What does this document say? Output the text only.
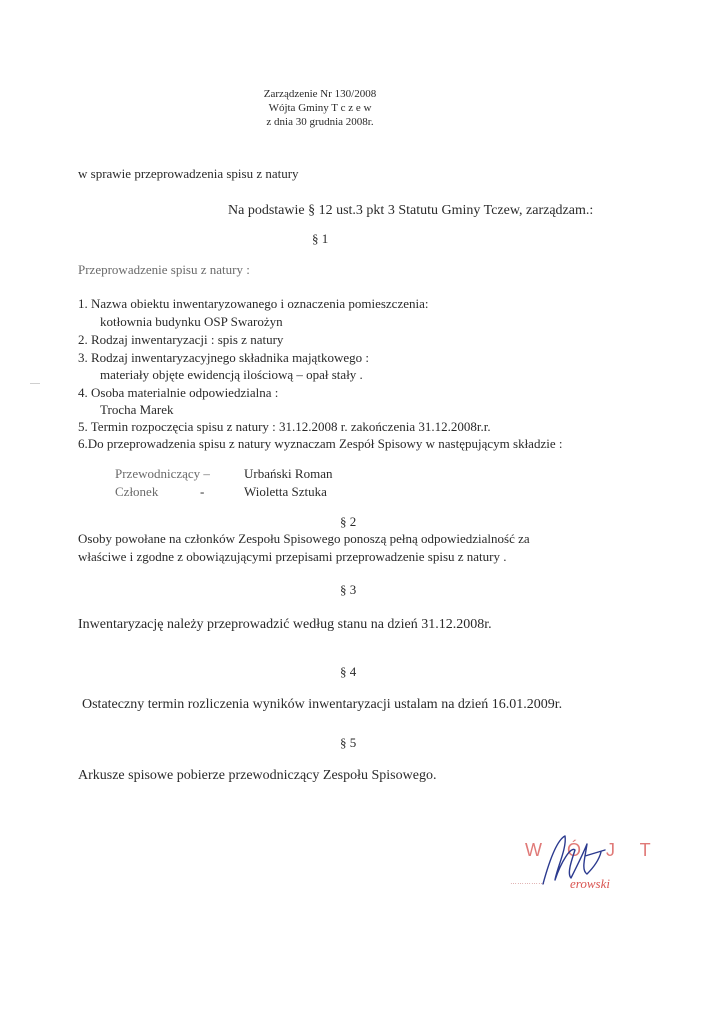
Zarządzenie Nr 130/2008
Wójta Gminy T c z e w
z dnia 30 grudnia 2008r.
w sprawie przeprowadzenia spisu z natury
Na podstawie § 12 ust.3 pkt 3 Statutu Gminy Tczew, zarządzam.:
§ 1
Przeprowadzenie spisu z natury :
1. Nazwa obiektu inwentaryzowanego i oznaczenia pomieszczenia:
kotłownia budynku OSP Swarożyn
2. Rodzaj inwentaryzacji : spis z natury
3. Rodzaj inwentaryzacyjnego składnika majątkowego :
materiały objęte ewidencją ilościową – opał stały .
4. Osoba materialnie odpowiedzialna :
Trocha Marek
5. Termin rozpoczęcia spisu z natury : 31.12.2008 r. zakończenia 31.12.2008r.r.
6.Do przeprowadzenia spisu z natury wyznaczam Zespół Spisowy w następującym składzie :
Przewodniczący –	Urbański Roman
Członek	-	Wioletta Sztuka
§ 2
Osoby powołane na członków Zespołu Spisowego ponoszą pełną odpowiedzialność za
właściwe i zgodne z obowiązującymi przepisami przeprowadzenie spisu z natury .
§ 3
Inwentaryzację należy przeprowadzić według stanu na dzień 31.12.2008r.
§ 4
Ostateczny termin rozliczenia wyników inwentaryzacji ustalam na dzień 16.01.2009r.
§ 5
Arkusze spisowe pobierze przewodniczący Zespołu Spisowego.
W Ó J T
erowski
……………
